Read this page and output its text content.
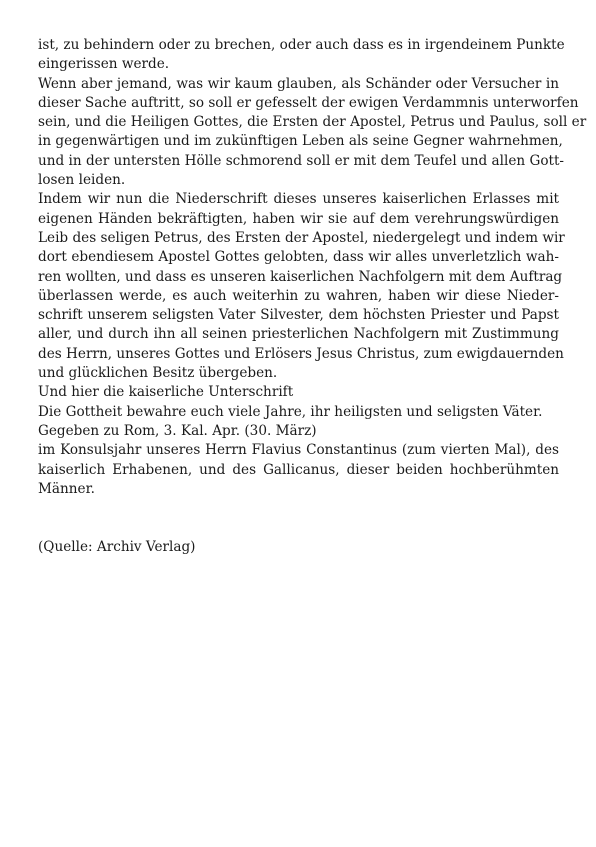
ist, zu behindern oder zu brechen, oder auch dass es in irgendeinem Punkte
eingerissen werde.
Wenn aber jemand, was wir kaum glauben, als Schänder oder Versucher in
dieser Sache auftritt, so soll er gefesselt der ewigen Verdammnis unterworfen
sein, und die Heiligen Gottes, die Ersten der Apostel, Petrus und Paulus, soll er
in gegenwärtigen und im zukünftigen Leben als seine Gegner wahrnehmen,
und in der untersten Hölle schmorend soll er mit dem Teufel und allen Gott-
losen leiden.
Indem wir nun die Niederschrift dieses unseres kaiserlichen Erlasses mit
eigenen Händen bekräftigten, haben wir sie auf dem verehrungswürdigen
Leib des seligen Petrus, des Ersten der Apostel, niedergelegt und indem wir
dort ebendiesem Apostel Gottes gelobten, dass wir alles unverletzlich wah-
ren wollten, und dass es unseren kaiserlichen Nachfolgern mit dem Auftrag
überlassen werde, es auch weiterhin zu wahren, haben wir diese Nieder-
schrift unserem seligsten Vater Silvester, dem höchsten Priester und Papst
aller, und durch ihn all seinen priesterlichen Nachfolgern mit Zustimmung
des Herrn, unseres Gottes und Erlösers Jesus Christus, zum ewigdauernden
und glücklichen Besitz übergeben.
Und hier die kaiserliche Unterschrift
Die Gottheit bewahre euch viele Jahre, ihr heiligsten und seligsten Väter.
Gegeben zu Rom, 3. Kal. Apr. (30. März)
im Konsulsjahr unseres Herrn Flavius Constantinus (zum vierten Mal), des
kaiserlich Erhabenen, und des Gallicanus, dieser beiden hochberühmten
Männer.
(Quelle: Archiv Verlag)
